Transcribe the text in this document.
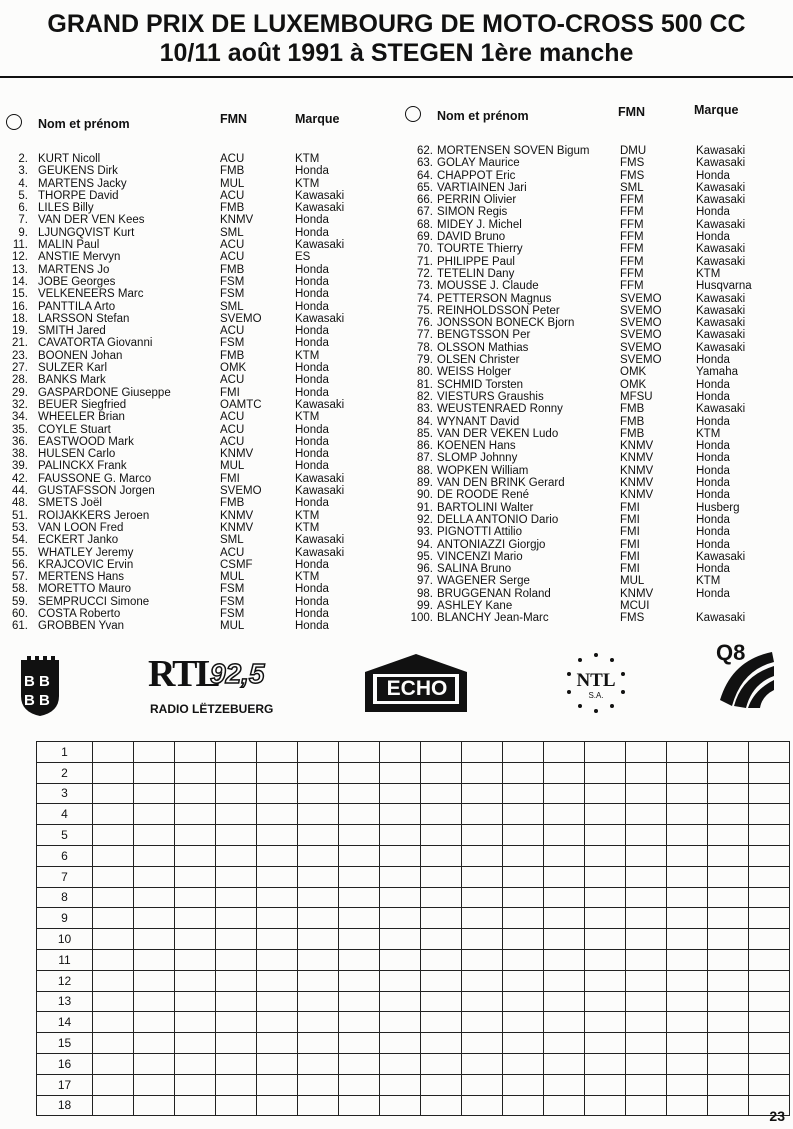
GRAND PRIX DE LUXEMBOURG DE MOTO-CROSS 500 CC
10/11 août 1991 à STEGEN 1ère manche
Nom et prénom	FMN	Marque	Nom et prénom	FMN	Marque
2. KURT Nicoll	ACU	KTM
3. GEUKENS Dirk	FMB	Honda
4. MARTENS Jacky	MUL	KTM
5. THORPE David	ACU	Kawasaki
6. LILES Billy	FMB	Kawasaki
7. VAN DER VEN Kees	KNMV	Honda
9. LJUNGQVIST Kurt	SML	Honda
11. MALIN Paul	ACU	Kawasaki
12. ANSTIE Mervyn	ACU	ES
13. MARTENS Jo	FMB	Honda
14. JOBE Georges	FSM	Honda
15. VELKENEERS Marc	FSM	Honda
16. PANTTILA Arto	SML	Honda
18. LARSSON Stefan	SVEMO	Kawasaki
19. SMITH Jared	ACU	Honda
21. CAVATORTA Giovanni	FSM	Honda
23. BOONEN Johan	FMB	KTM
27. SULZER Karl	OMK	Honda
28. BANKS Mark	ACU	Honda
29. GASPARDONE Giuseppe	FMI	Honda
32. BEUER Siegfried	OAMTC	Kawasaki
34. WHEELER Brian	ACU	KTM
35. COYLE Stuart	ACU	Honda
36. EASTWOOD Mark	ACU	Honda
38. HULSEN Carlo	KNMV	Honda
39. PALINCKX Frank	MUL	Honda
42. FAUSSONE G. Marco	FMI	Kawasaki
44. GUSTAFSSON Jorgen	SVEMO	Kawasaki
48. SMETS Joël	FMB	Honda
51. ROIJAKKERS Jeroen	KNMV	KTM
53. VAN LOON Fred	KNMV	KTM
54. ECKERT Janko	SML	Kawasaki
55. WHATLEY Jeremy	ACU	Kawasaki
56. KRAJCOVIC Ervin	CSMF	Honda
57. MERTENS Hans	MUL	KTM
58. MORETTO Mauro	FSM	Honda
59. SEMPRUCCI Simone	FSM	Honda
60. COSTA Roberto	FSM	Honda
61. GROBBEN Yvan	MUL	Honda
62. MORTENSEN SOVEN Bigum	DMU	Kawasaki
63. GOLAY Maurice	FMS	Kawasaki
64. CHAPPOT Eric	FMS	Honda
65. VARTIAINEN Jari	SML	Kawasaki
66. PERRIN Olivier	FFM	Kawasaki
67. SIMON Regis	FFM	Honda
68. MIDEY J. Michel	FFM	Kawasaki
69. DAVID Bruno	FFM	Honda
70. TOURTE Thierry	FFM	Kawasaki
71. PHILIPPE Paul	FFM	Kawasaki
72. TETELIN Dany	FFM	KTM
73. MOUSSE J. Claude	FFM	Husqvarna
74. PETTERSON Magnus	SVEMO	Kawasaki
75. REINHOLDSSON Peter	SVEMO	Kawasaki
76. JONSSON BONECK Bjorn	SVEMO	Kawasaki
77. BENGTSSON Per	SVEMO	Kawasaki
78. OLSSON Mathias	SVEMO	Kawasaki
79. OLSEN Christer	SVEMO	Honda
80. WEISS Holger	OMK	Yamaha
81. SCHMID Torsten	OMK	Honda
82. VIESTURS Graushis	MFSU	Honda
83. WEUSTENRAED Ronny	FMB	Kawasaki
84. WYNANT David	FMB	Honda
85. VAN DER VEKEN Ludo	FMB	KTM
86. KOENEN Hans	KNMV	Honda
87. SLOMP Johnny	KNMV	Honda
88. WOPKEN William	KNMV	Honda
89. VAN DEN BRINK Gerard	KNMV	Honda
90. DE ROODE René	KNMV	Honda
91. BARTOLINI Walter	FMI	Husberg
92. DELLA ANTONIO Dario	FMI	Honda
93. PIGNOTTI Attilio	FMI	Honda
94. ANTONIAZZI Giorgjo	FMI	Honda
95. VINCENZI Mario	FMI	Kawasaki
96. SALINA Bruno	FMI	Honda
97. WAGENER Serge	MUL	KTM
98. BRUGGENAN Roland	KNMV	Honda
99. ASHLEY Kane	MCUI
100. BLANCHY Jean-Marc	FMS	Kawasaki
B B
B B
RTL
92,5
RADIO LËTZEBUERG
ECHO	NTL
S.A.
Q8
1																	
2																	
3																	
4																	
5																	
6																	
7																	
8																	
9																	
10																	
11																	
12																	
13																	
14																	
15																	
16																	
17																	
18																	
23
